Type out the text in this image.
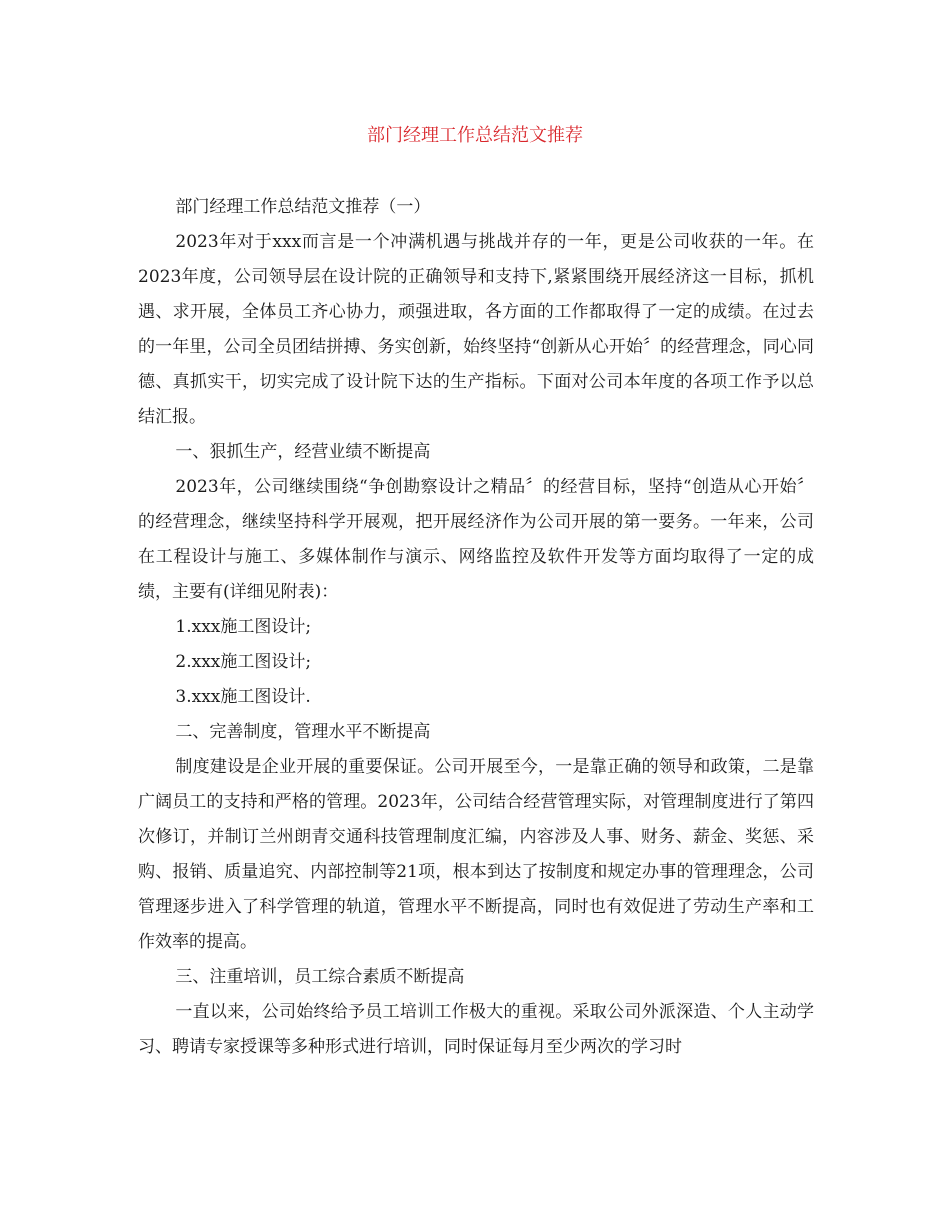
部门经理工作总结范文推荐

部门经理工作总结范文推荐（一）

2023年对于xxx而言是一个冲满机遇与挑战并存的一年，更是公司收获的一年。在2023年度，公司领导层在设计院的正确领导和支持下,紧紧围绕开展经济这一目标，抓机遇、求开展，全体员工齐心协力，顽强进取，各方面的工作都取得了一定的成绩。在过去的一年里，公司全员团结拼搏、务实创新，始终坚持“创新从心开始〞的经营理念，同心同德、真抓实干，切实完成了设计院下达的生产指标。下面对公司本年度的各项工作予以总结汇报。

一、狠抓生产，经营业绩不断提高

2023年，公司继续围绕“争创勘察设计之精品〞的经营目标，坚持“创造从心开始〞的经营理念，继续坚持科学开展观，把开展经济作为公司开展的第一要务。一年来，公司在工程设计与施工、多媒体制作与演示、网络监控及软件开发等方面均取得了一定的成绩，主要有(详细见附表)：

1.xxx施工图设计;

2.xxx施工图设计;

3.xxx施工图设计.

二、完善制度，管理水平不断提高

制度建设是企业开展的重要保证。公司开展至今，一是靠正确的领导和政策，二是靠广阔员工的支持和严格的管理。2023年，公司结合经营管理实际，对管理制度进行了第四次修订，并制订兰州朗青交通科技管理制度汇编，内容涉及人事、财务、薪金、奖惩、采购、报销、质量追究、内部控制等21项，根本到达了按制度和规定办事的管理理念，公司管理逐步进入了科学管理的轨道，管理水平不断提高，同时也有效促进了劳动生产率和工作效率的提高。

三、注重培训，员工综合素质不断提高

一直以来，公司始终给予员工培训工作极大的重视。采取公司外派深造、个人主动学习、聘请专家授课等多种形式进行培训，同时保证每月至少两次的学习时
